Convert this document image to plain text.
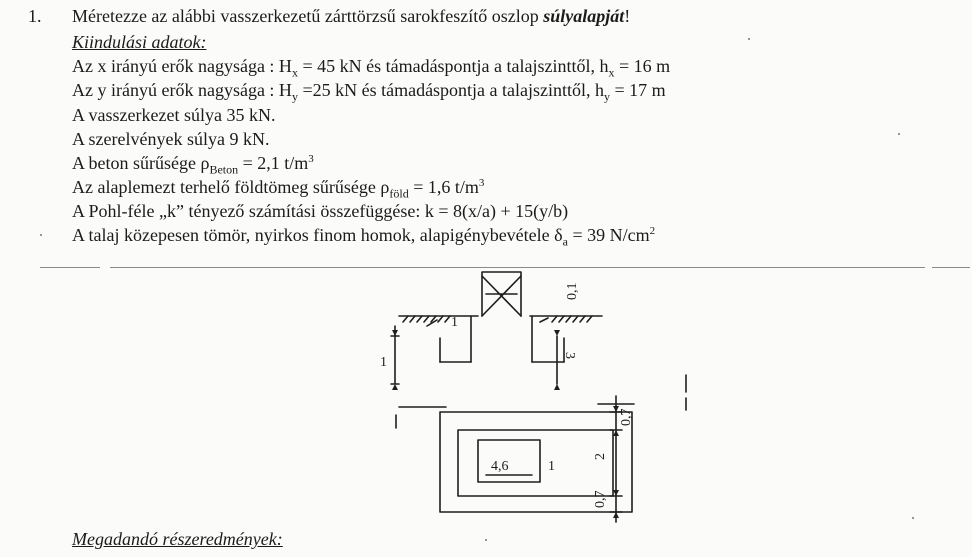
1. Méretezze az alábbi vasszerkezetű zárttörzsű sarokfeszítő oszlop súlyalapját!
Kiindulási adatok:
Az x irányú erők nagysága : $H_x = 45$ kN és támadáspontja a talajszinttől, $h_x = 16$ m
Az y irányú erők nagysága : $H_y =25$ kN és támadáspontja a talajszinttől, $h_y = 17$ m
A vasszerkezet súlya 35 kN.
A szerelvények súlya 9 kN.
A beton sűrűsége $\rho_{Beton} = 2,1$ $t/m^3$
Az alaplemezt terhelő földtömeg sűrűsége $\rho_{föld} = 1,6$ $t/m^3$
A Pohl-féle „k” tényező számítási összefüggése: k = 8(x/a) + 15(y/b)
A talaj közepesen tömör, nyirkos finom homok, alapigénybevétele $\delta_a = 39$ $N/cm^2$
0,1
1	3
0,7
2
0,7
4,6	1
1
Megadandó részeredmények:
